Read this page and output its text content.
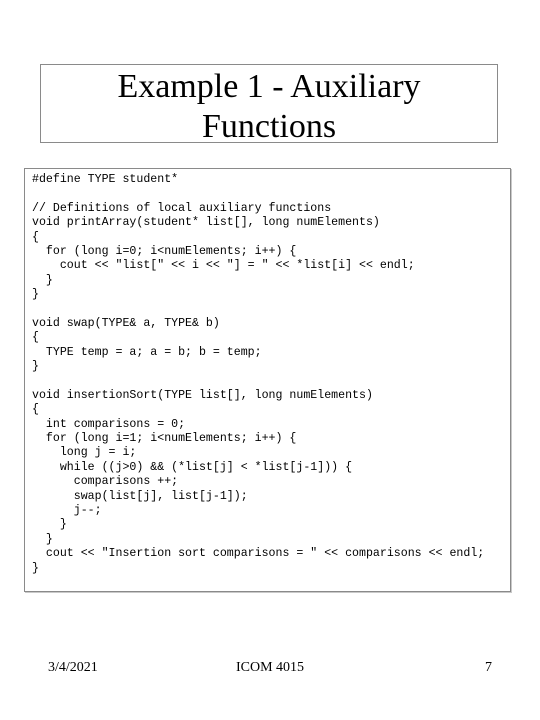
Example 1 - Auxiliary
Functions
#define TYPE student*
// Definitions of local auxiliary functions
void printArray(student* list[], long numElements)
{
for (long i=0; i<numElements; i++) {
cout << "list[" << i << "] = " << *list[i] << endl;
}
}
void swap(TYPE& a, TYPE& b)
{
TYPE temp = a; a = b; b = temp;
}
void insertionSort(TYPE list[], long numElements)
{
int comparisons = 0;
for (long i=1; i<numElements; i++) {
long j = i;
while ((j>0) && (*list[j] < *list[j-1])) {
comparisons ++;
swap(list[j], list[j-1]);
j--;
}
}
cout << "Insertion sort comparisons = " << comparisons << endl;
}
3/4/2021	ICOM 4015	7
